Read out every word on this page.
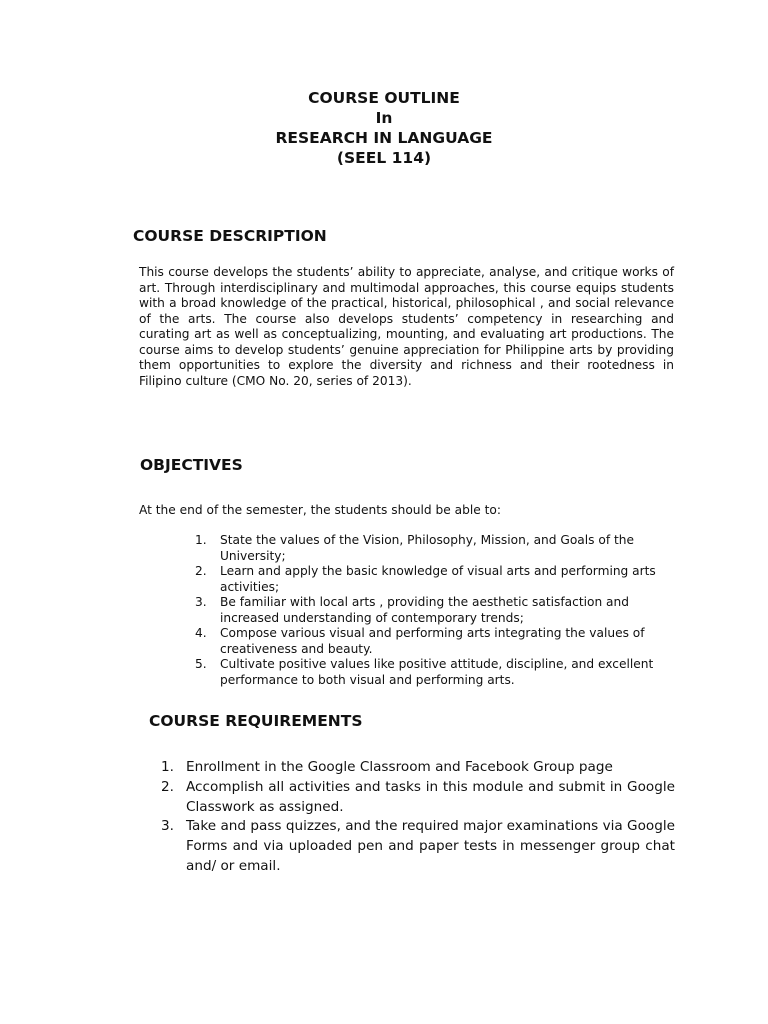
COURSE OUTLINE
In
RESEARCH IN LANGUAGE
(SEEL 114)
COURSE DESCRIPTION

This course develops the students’ ability to appreciate, analyse, and critique works of art. Through interdisciplinary and multimodal approaches, this course equips students with a broad knowledge of the practical, historical, philosophical , and social relevance of the arts. The course also develops students’ competency in researching and curating art as well as conceptualizing, mounting, and evaluating art productions. The course aims to develop students’ genuine appreciation for Philippine arts by providing them opportunities to explore the diversity and richness and their rootedness in Filipino culture (CMO No. 20, series of 2013).

OBJECTIVES

At the end of the semester, the students should be able to:

1. State the values of the Vision, Philosophy, Mission, and Goals of the University;
2. Learn and apply the basic knowledge of visual arts and performing arts activities;
3. Be familiar with local arts , providing the aesthetic satisfaction and increased understanding of contemporary trends;
4. Compose various visual and performing arts integrating the values of creativeness and beauty.
5. Cultivate positive values like positive attitude, discipline, and excellent performance to both visual and performing arts.
COURSE REQUIREMENTS
1. Enrollment in the Google Classroom and Facebook Group page
2. Accomplish all activities and tasks in this module and submit in Google Classwork as assigned.
3. Take and pass quizzes, and the required major examinations via Google Forms and via uploaded pen and paper tests in messenger group chat and/ or email.
